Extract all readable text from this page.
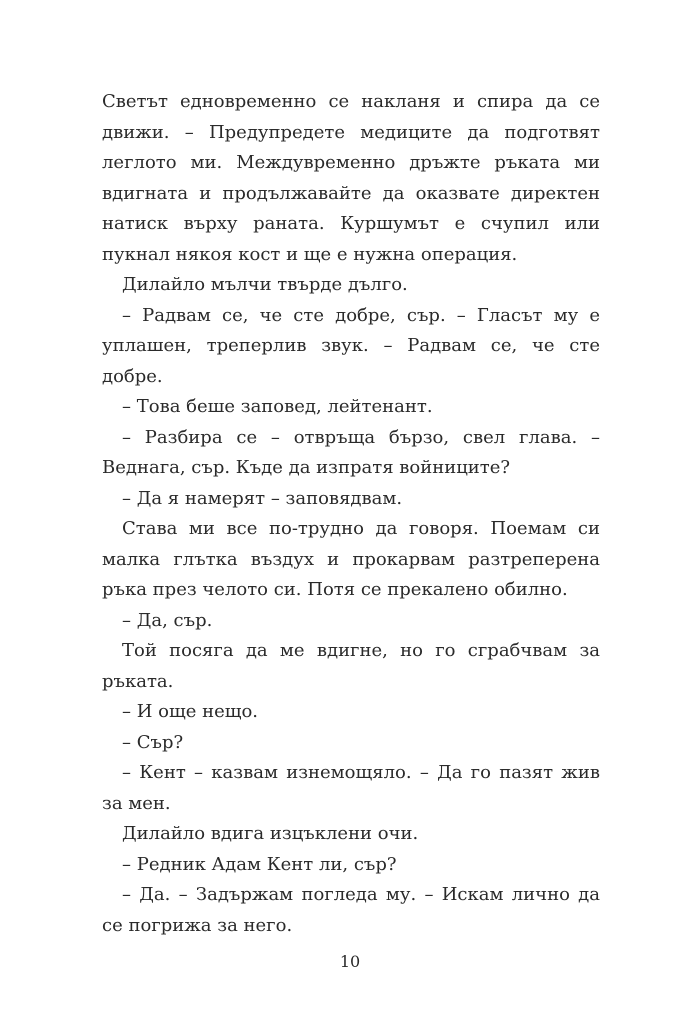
Светът едновременно се накланя и спира да се движи. – Предупредете медиците да подготвят леглото ми. Междувременно дръжте ръката ми вдигната и продължавайте да оказвате директен натиск върху раната. Куршумът е счупил или пукнал някоя кост и ще е нужна операция.

Дилайло мълчи твърде дълго.

– Радвам се, че сте добре, сър. – Гласът му е уплашен, треперлив звук. – Радвам се, че сте добре.

– Това беше заповед, лейтенант.

– Разбира се – отвръща бързо, свел глава. – Веднага, сър. Къде да изпратя войниците?

– Да я намерят – заповядвам.

Става ми все по-трудно да говоря. Поемам си малка глътка въздух и прокарвам разтреперена ръка през челото си. Потя се прекалено обилно.

– Да, сър.

Той посяга да ме вдигне, но го сграбчвам за ръката.

– И още нещо.

– Сър?

– Кент – казвам изнемощяло. – Да го пазят жив за мен.

Дилайло вдига изцъклени очи.

– Редник Адам Кент ли, сър?

– Да. – Задържам погледа му. – Искам лично да се погрижа за него.

10
